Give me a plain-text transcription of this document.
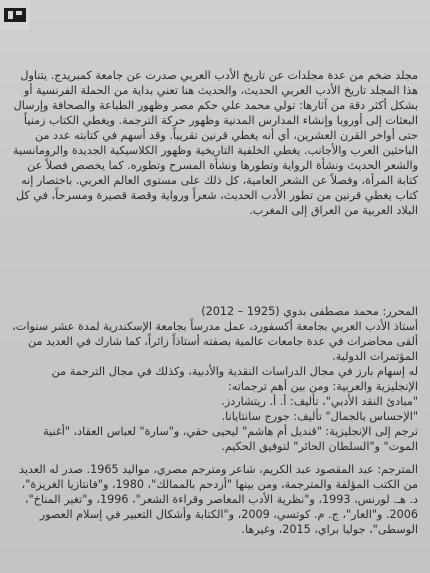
مجلد ضخم من عدة مجلدات عن تاريخ الأدب العربي صدرت عن جامعة كمبريدج. يتناول هذا المجلد تاريخ الأدب العربي الحديث، والحديث هنا تعني بداية من الحملة الفرنسية أو بشكل أكثر دقة من آثارها: تولي محمد علي حكم مصر وظهور الطباعة والصحافة وإرسال البعثات إلى أوروبا وإنشاء المدارس المدنية وظهور حركة الترجمة. ويغطي الكتاب زمنياً حتى أواخر القرن العشرين، أي أنه يغطي قرنين تقريباً. وقد أسهم في كتابته عدد من الباحثين العرب والأجانب. يغطي الخلفية التاريخية وظهور الكلاسيكية الجديدة والرومانسية والشعر الحديث ونشأة الرواية وتطورها ونشأة المسرح وتطوره. كما يخصص فصلاً عن كتابة المرأة، وفصلاً عن الشعر العامية، كل ذلك على مستوى العالم العربي. باختصار إنه كتاب يغطي قرنين من تطور الأدب الحديث، شعراً ورواية وقصة قصيرة ومسرحاً، في كل البلاد العربية من العراق إلى المغرب.

المحرر: محمد مصطفى بدوي (1925 – 2012)

أستاذ الأدب العربي بجامعة أكسفورد، عمل مدرساً بجامعة الإسكندرية لمدة عشر سنوات، ألقى محاضرات في عدة جامعات عالمية بصفته أستاذاً زائراً، كما شارك في العديد من المؤتمرات الدولية.

له إسهام بارز في مجال الدراسات النقدية والأدبية، وكذلك في مجال الترجمة من الإنجليزية والعربية: ومن بين أهم ترجماته:

"مبادئ النقد الأدبي"، تأليف: أ. أ. ريتشاردز.

"الإحساس بالجمال" تأليف: جورج سانتايانا.

ترجم إلى الإنجليزية: "قنديل أم هاشم" ليحيى حقي، و"سارة" لعباس العقاد، "أغنية الموت" و"السلطان الحائر" لتوفيق الحكيم.

المترجم: عبد المقصود عبد الكريم، شاعر ومترجم مصري، مواليد 1965. صدر له العديد من الكتب المؤلفة والمترجمة، ومن بينها "أزدحم بالممالك"، 1980، و"فانتازيا الغريزة"، د. هـ. لورنس، 1993، و"نظرية الأدب المعاصر وقراءة الشعر"، 1996، و"تغير المناخ"، 2006. و"العار"، ج. م. كوتسي، 2009، و"الكتابة وأشكال التعبير في إسلام العصور الوسطى"، جوليا براي، 2015، وغيرها.
